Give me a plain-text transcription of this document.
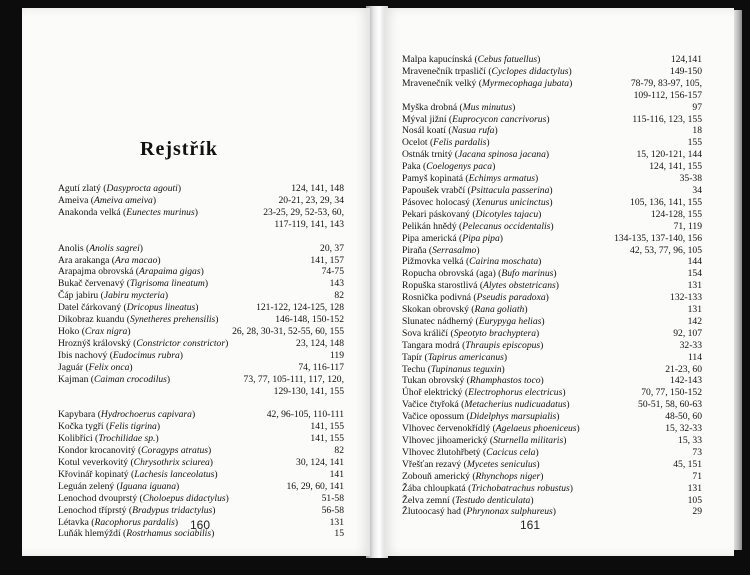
Rejstřík
Agutí zlatý (Dasyprocta agouti)	124, 141, 148
Ameiva (Ameiva ameiva)	20-21, 23, 29, 34
Anakonda velká (Eunectes murinus)	23-25, 29, 52-53, 60,
117-119, 141, 143
Anolis (Anolis sagrei)	20, 37
Ara arakanga (Ara macao)	141, 157
Arapajma obrovská (Arapaima gigas)	74-75
Bukač červenavý (Tigrisoma lineatum)	143
Čáp jabiru (Jabiru mycteria)	82
Datel čárkovaný (Dricopus lineatus)	121-122, 124-125, 128
Dikobraz kuandu (Synetheres prehensilis)	146-148, 150-152
Hoko (Crax nigra)	26, 28, 30-31, 52-55, 60, 155
Hroznýš královský (Constrictor constrictor)	23, 124, 148
Ibis nachový (Eudocimus rubra)	119
Jaguár (Felix onca)	74, 116-117
Kajman (Caiman crocodilus)	73, 77, 105-111, 117, 120,
129-130, 141, 155
Kapybara (Hydrochoerus capivara)	42, 96-105, 110-111
Kočka tygří (Felis tigrina)	141, 155
Kolibříci (Trochilidae sp.)	141, 155
Kondor krocanovitý (Coragyps atratus)	82
Kotul veverkovitý (Chrysothrix sciurea)	30, 124, 141
Křovinář kopinatý (Lachesis lanceolatus)	141
Leguán zelený (Iguana iguana)	16, 29, 60, 141
Lenochod dvouprstý (Choloepus didactylus)	51-58
Lenochod tříprstý (Bradypus tridactylus)	56-58
Létavka (Racophorus pardalis)	131
Luňák hlemýždí (Rostrhamus sociabilis)	15
160
Malpa kapucínská (Cebus fatuellus)	124,141
Mravenečník trpasličí (Cyclopes didactylus)	149-150
Mravenečník velký (Myrmecophaga jubata)	78-79, 83-97, 105,
109-112, 156-157
Myška drobná (Mus minutus)	97
Mýval jižní (Euprocycon cancrivorus)	115-116, 123, 155
Nosál koatí (Nasua rufa)	18
Ocelot (Felis pardalis)	155
Ostnák trnitý (Jacana spinosa jacana)	15, 120-121, 144
Paka (Coelogenys paca)	124, 141, 155
Pamyš kopinatá (Echimys armatus)	35-38
Papoušek vrabčí (Psittacula passerina)	34
Pásovec holocasý (Xenurus unicinctus)	105, 136, 141, 155
Pekari páskovaný (Dicotyles tajacu)	124-128, 155
Pelikán hnědý (Pelecanus occidentalis)	71, 119
Pipa americká (Pipa pipa)	134-135, 137-140, 156
Piraňa (Serrasalmo)	42, 53, 77, 96, 105
Pižmovka velká (Cairina moschata)	144
Ropucha obrovská (aga) (Bufo marinus)	154
Ropuška starostlivá (Alytes obstetricans)	131
Rosnička podivná (Pseudis paradoxa)	132-133
Skokan obrovský (Rana goliath)	131
Slunatec nádherný (Eurypyga helias)	142
Sova králičí (Speotyto brachyptera)	92, 107
Tangara modrá (Thraupis episcopus)	32-33
Tapír (Tapirus americanus)	114
Techu (Tupinanus teguxin)	21-23, 60
Tukan obrovský (Rhamphastos toco)	142-143
Úhoř elektrický (Electrophorus electricus)	70, 77, 150-152
Vačice čtyřoká (Metacherius nudicuadatus)	50-51, 58, 60-63
Vačice opossum (Didelphys marsupialis)	48-50, 60
Vlhovec červenokřídlý (Agelaeus phoeniceus)	15, 32-33
Vlhovec jihoamerický (Sturnella militaris)	15, 33
Vlhovec žlutohřbetý (Cacicus cela)	73
Vřešťan rezavý (Mycetes seniculus)	45, 151
Zobouň americký (Rhynchops niger)	71
Žába chloupkatá (Trichobatrachus robustus)	131
Želva zemní (Testudo denticulata)	105
Žlutoocasý had (Phrynonax sulphureus)	29
161
